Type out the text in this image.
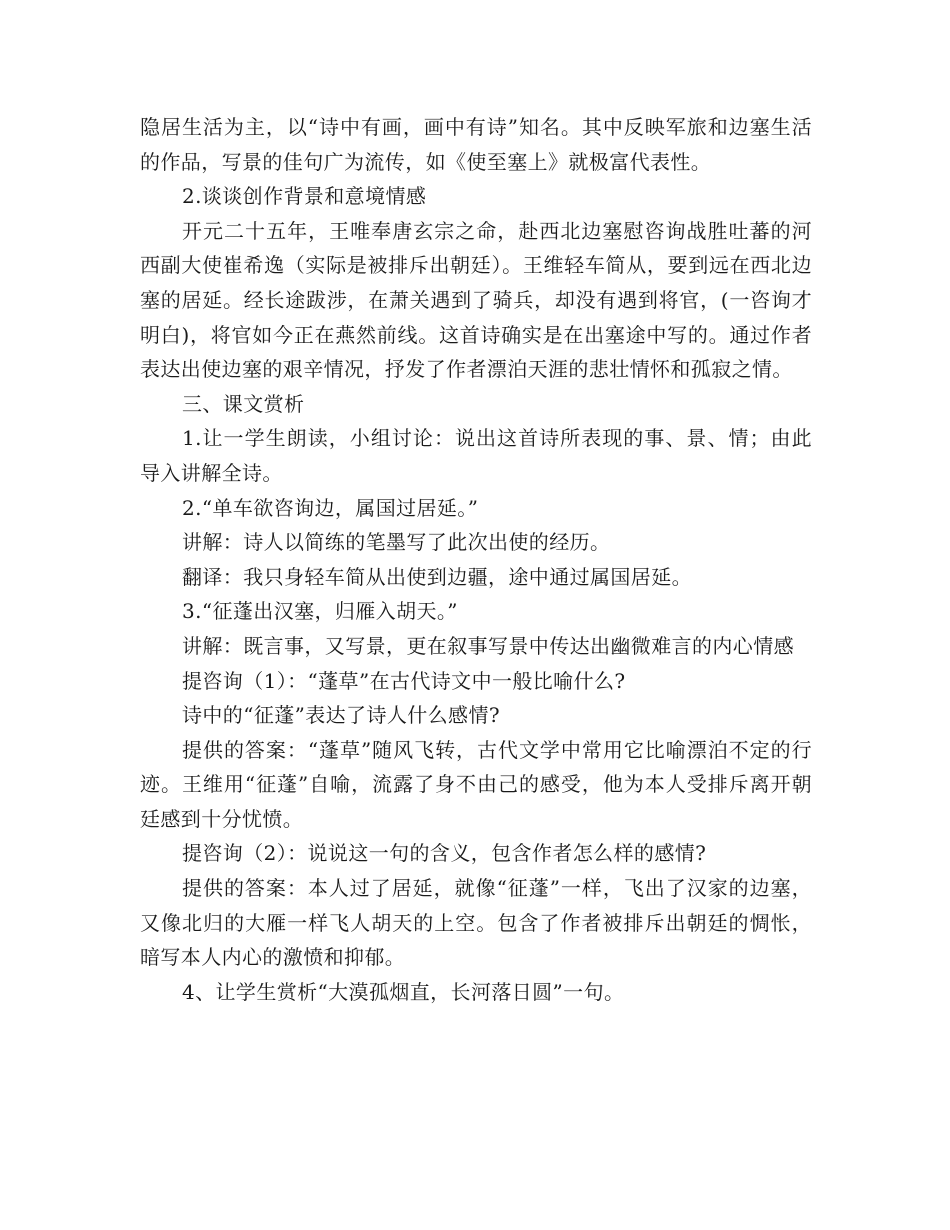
隐居生活为主，以“诗中有画，画中有诗”知名。其中反映军旅和边塞生活的作品，写景的佳句广为流传，如《使至塞上》就极富代表性。

2.谈谈创作背景和意境情感

开元二十五年，王唯奉唐玄宗之命，赴西北边塞慰咨询战胜吐蕃的河西副大使崔希逸（实际是被排斥出朝廷）。王维轻车简从，要到远在西北边塞的居延。经长途跋涉，在萧关遇到了骑兵，却没有遇到将官，(一咨询才明白)，将官如今正在燕然前线。这首诗确实是在出塞途中写的。通过作者表达出使边塞的艰辛情况，抒发了作者漂泊天涯的悲壮情怀和孤寂之情。

三、课文赏析

1.让一学生朗读，小组讨论：说出这首诗所表现的事、景、情；由此导入讲解全诗。

2.“单车欲咨询边，属国过居延。”

讲解：诗人以简练的笔墨写了此次出使的经历。

翻译：我只身轻车简从出使到边疆，途中通过属国居延。

3.“征蓬出汉塞，归雁入胡天。”

讲解：既言事，又写景，更在叙事写景中传达出幽微难言的内心情感

提咨询（1）：“蓬草”在古代诗文中一般比喻什么?

诗中的“征蓬”表达了诗人什么感情?

提供的答案：“蓬草”随风飞转，古代文学中常用它比喻漂泊不定的行迹。王维用“征蓬”自喻，流露了身不由己的感受，他为本人受排斥离开朝廷感到十分忧愤。

提咨询（2）：说说这一句的含义，包含作者怎么样的感情?

提供的答案：本人过了居延，就像“征蓬”一样，飞出了汉家的边塞，又像北归的大雁一样飞人胡天的上空。包含了作者被排斥出朝廷的惆怅，暗写本人内心的激愤和抑郁。

4、让学生赏析“大漠孤烟直，长河落日圆”一句。
